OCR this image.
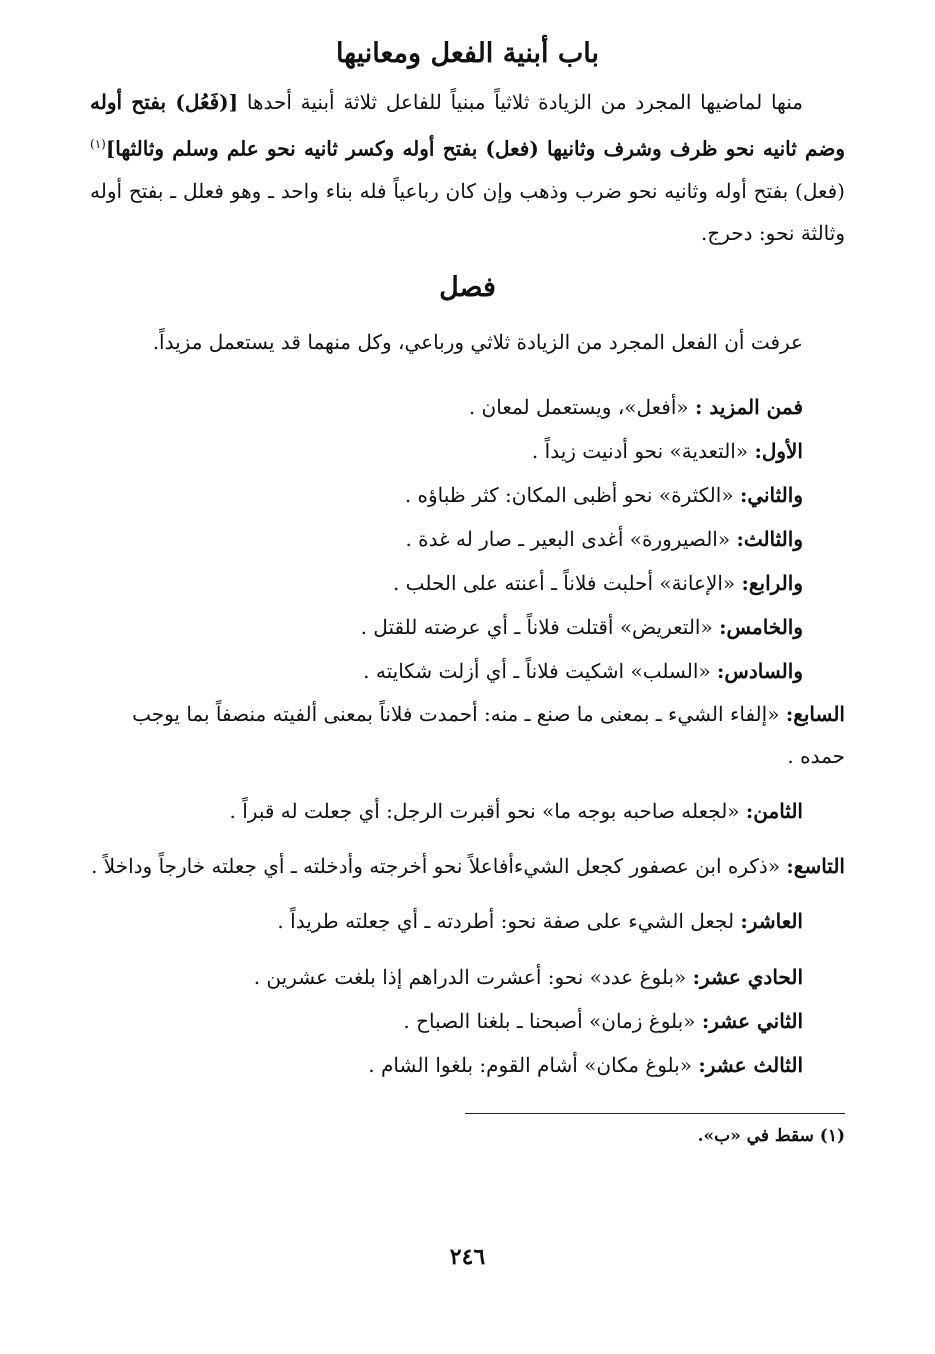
باب أبنية الفعل ومعانيها

منها لماضيها المجرد من الزيادة ثلاثياً مبنياً للفاعل ثلاثة أبنية أحدها [(فَعُل) بفتح أوله وضم ثانيه نحو ظرف وشرف وثانيها (فعل) بفتح أوله وكسر ثانيه نحو علم وسلم وثالثها]$^{(١)}$ (فعل) بفتح أوله وثانيه نحو ضرب وذهب وإن كان رباعياً فله بناء واحد ـ وهو فعلل ـ بفتح أوله وثالثة نحو: دحرج.

فصل

عرفت أن الفعل المجرد من الزيادة ثلاثي ورباعي، وكل منهما قد يستعمل مزيداً.

فمن المزيد : «أفعل»، ويستعمل لمعان .

الأول: «التعدية» نحو أدنيت زيداً .

والثاني: «الكثرة» نحو أظبى المكان: كثر ظباؤه .

والثالث: «الصيرورة» أغدى البعير ـ صار له غدة .

والرابع: «الإعانة» أحلبت فلاناً ـ أعنته على الحلب .

والخامس: «التعريض» أقتلت فلاناً ـ أي عرضته للقتل .

والسادس: «السلب» اشكيت فلاناً ـ أي أزلت شكايته .

السابع: «إلفاء الشيء ـ بمعنى ما صنع ـ منه: أحمدت فلاناً بمعنى ألفيته منصفاً بما يوجب حمده .

الثامن: «لجعله صاحبه بوجه ما» نحو أقبرت الرجل: أي جعلت له قبراً .

التاسع: «ذكره ابن عصفور كجعل الشيءأفاعلاً نحو أخرجته وأدخلته ـ أي جعلته خارجاً وداخلاً .

العاشر: لجعل الشيء على صفة نحو: أطردته ـ أي جعلته طريداً .

الحادي عشر: «بلوغ عدد» نحو: أعشرت الدراهم إذا بلغت عشرين .

الثاني عشر: «بلوغ زمان» أصبحنا ـ بلغنا الصباح .

الثالث عشر: «بلوغ مكان» أشام القوم: بلغوا الشام .

(١) سقط في «ب».
٢٤٦
